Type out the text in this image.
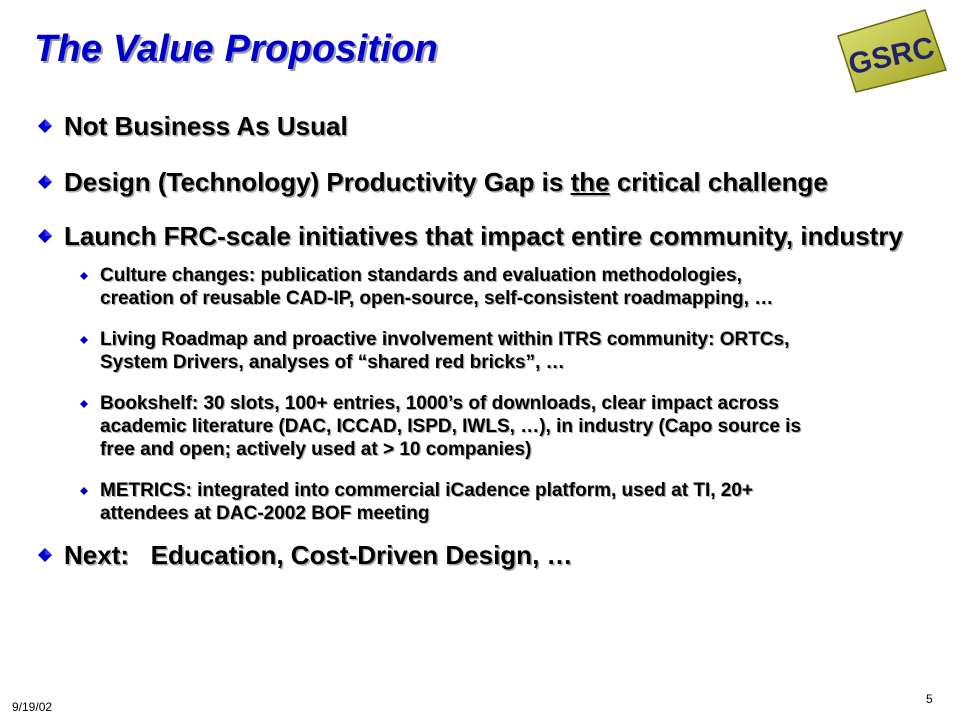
The Value Proposition	GSRC
Not Business As Usual
Design (Technology) Productivity Gap is the critical challenge
Launch FRC-scale initiatives that impact entire community, industry
Culture changes: publication standards and evaluation methodologies,
creation of reusable CAD-IP, open-source, self-consistent roadmapping, …
Living Roadmap and proactive involvement within ITRS community: ORTCs,
System Drivers, analyses of “shared red bricks”, …
Bookshelf: 30 slots, 100+ entries, 1000’s of downloads, clear impact across
academic literature (DAC, ICCAD, ISPD, IWLS, …), in industry (Capo source is
free and open; actively used at > 10 companies)
METRICS: integrated into commercial iCadence platform, used at TI, 20+
attendees at DAC-2002 BOF meeting
Next:   Education, Cost-Driven Design, …
9/19/02
5
